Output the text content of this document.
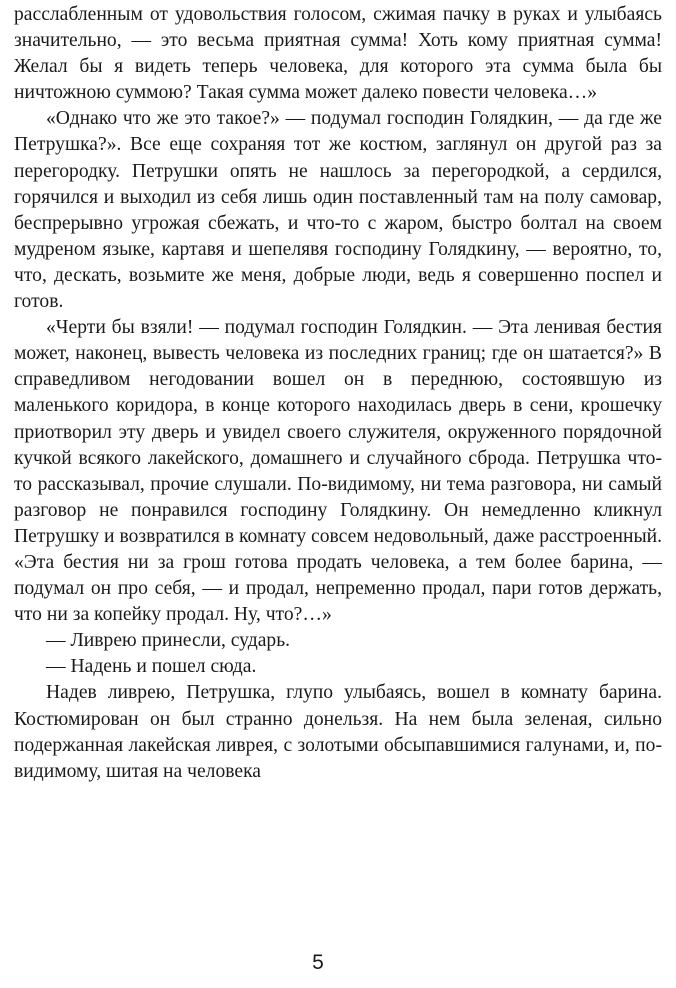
расслабленным от удовольствия голосом, сжимая пачку в руках и улыбаясь значительно, — это весьма приятная сумма! Хоть кому приятная сумма! Желал бы я видеть теперь человека, для которого эта сумма была бы ничтожною суммою? Такая сумма может далеко повести человека…»

«Однако что же это такое?» — подумал господин Голядкин, — да где же Петрушка?». Все еще сохраняя тот же костюм, заглянул он другой раз за перегородку. Петрушки опять не нашлось за перегородкой, а сердился, горячился и выходил из себя лишь один поставленный там на полу самовар, беспрерывно угрожая сбежать, и что-то с жаром, быстро болтал на своем мудреном языке, картавя и шепелявя господину Голядкину, — вероятно, то, что, дескать, возьмите же меня, добрые люди, ведь я совершенно поспел и готов.

«Черти бы взяли! — подумал господин Голядкин. — Эта ленивая бестия может, наконец, вывесть человека из последних границ; где он шатается?» В справедливом негодовании вошел он в переднюю, состоявшую из маленького коридора, в конце которого находилась дверь в сени, крошечку приотворил эту дверь и увидел своего служителя, окруженного порядочной кучкой всякого лакейского, домашнего и случайного сброда. Петрушка что-то рассказывал, прочие слушали. По-видимому, ни тема разговора, ни самый разговор не понравился господину Голядкину. Он немедленно кликнул Петрушку и возвратился в комнату совсем недовольный, даже расстроенный. «Эта бестия ни за грош готова продать человека, а тем более барина, — подумал он про себя, — и продал, непременно продал, пари готов держать, что ни за копейку продал. Ну, что?…»

— Ливрею принесли, сударь.

— Надень и пошел сюда.

Надев ливрею, Петрушка, глупо улыбаясь, вошел в комнату барина. Костюмирован он был странно донельзя. На нем была зеленая, сильно подержанная лакейская ливрея, с золотыми обсыпавшимися галунами, и, по-видимому, шитая на человека

5
